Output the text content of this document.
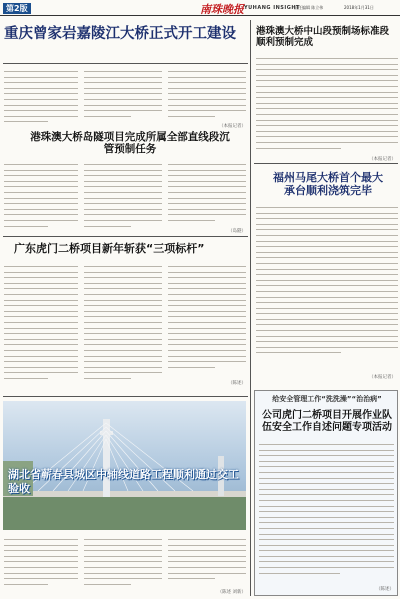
第2版	南珠晚报 YUHANG INSIGHT
责任编辑 陈立伟	2018年1月31日
重庆曾家岩嘉陵江大桥正式开工建设
（本报记者）
港珠澳大桥岛隧项目完成所属全部直线段沉管预制任务
（岛隧）
广东虎门二桥项目新年斩获“三项标杆”
（陈述）
湖北省蕲春县城区中轴线道路工程顺利通过交工验收
（陈述 刘新）
港珠澳大桥中山段预制场标准段顺利预制完成
（本报记者）
福州马尾大桥首个最大承台顺利浇筑完毕
（本报记者）
给安全管理工作“洗洗澡”“治治病”
公司虎门二桥项目开展作业队伍安全工作自述问题专项活动
（陈述）
